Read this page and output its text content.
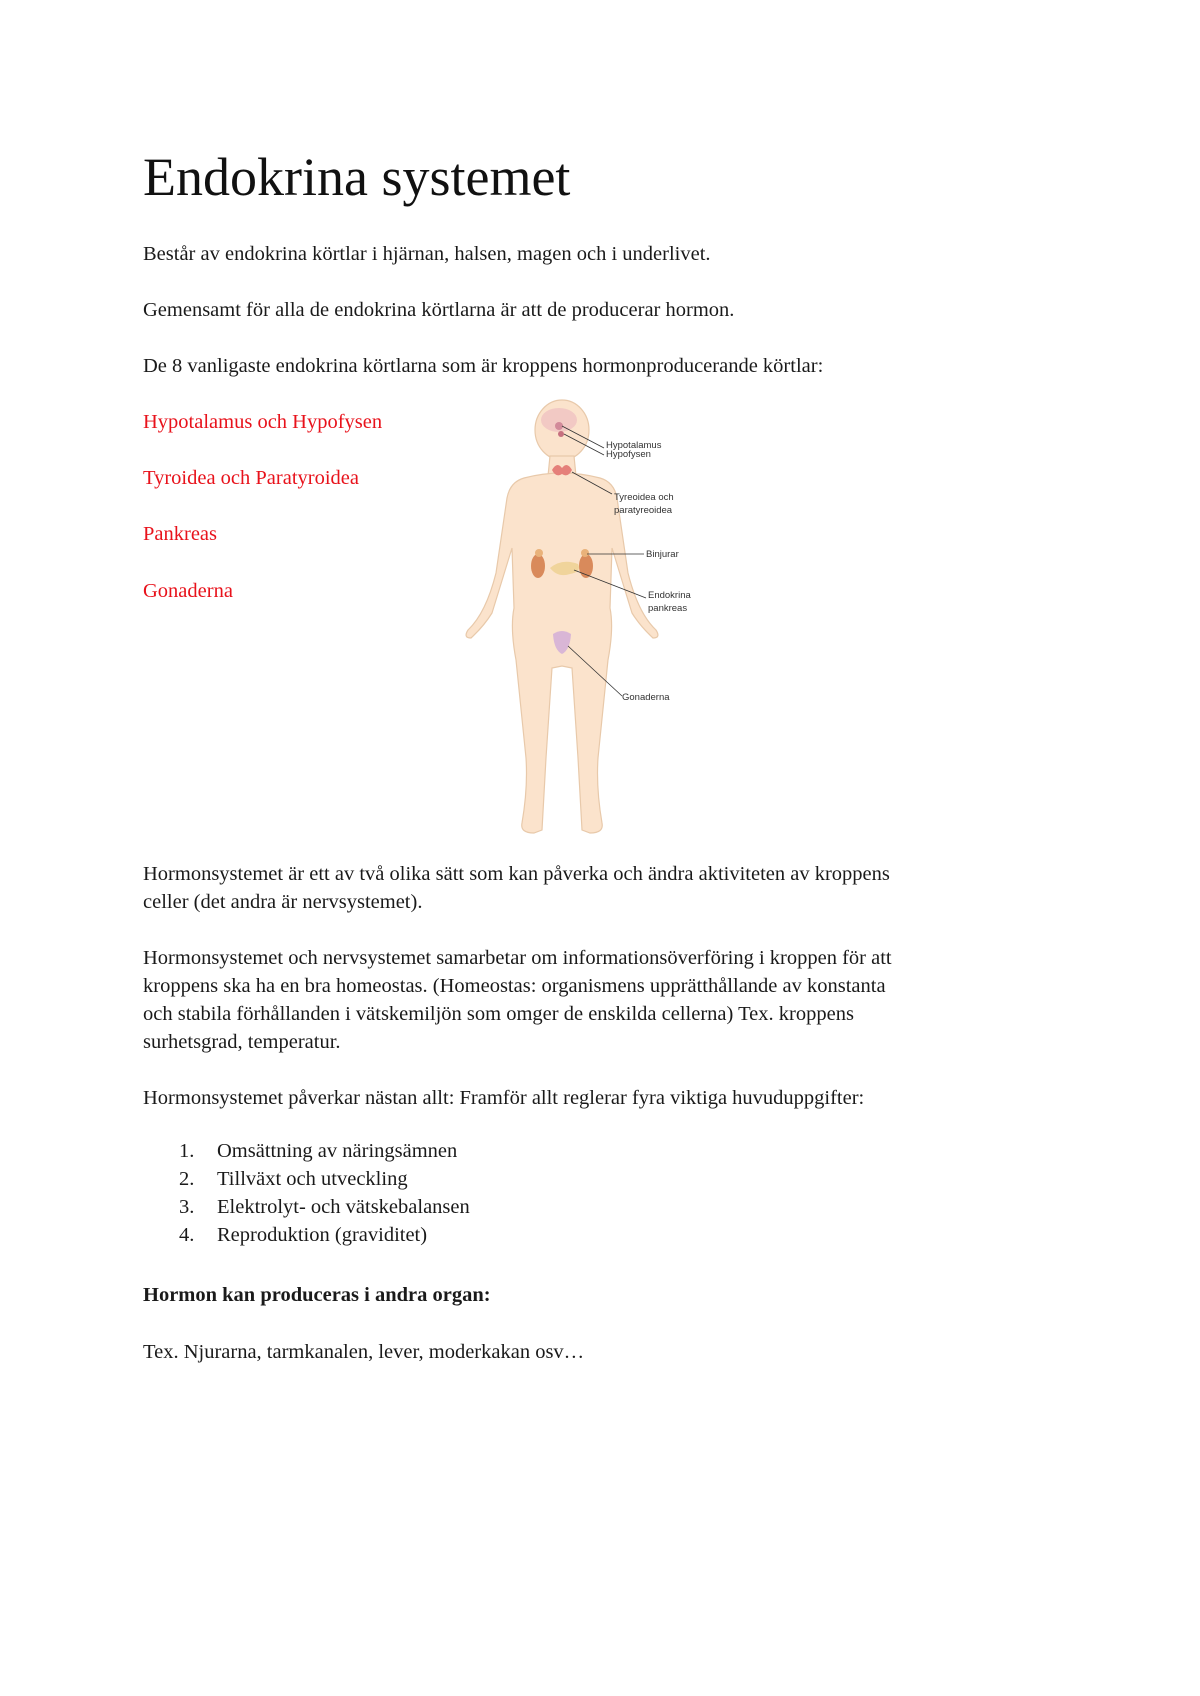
Endokrina systemet

Består av endokrina körtlar i hjärnan, halsen, magen och i underlivet.

Gemensamt för alla de endokrina körtlarna är att de producerar hormon.

De 8 vanligaste endokrina körtlarna som är kroppens hormonproducerande körtlar:

Hypotalamus och Hypofysen

Tyroidea och Paratyroidea

Pankreas

Gonaderna

Hypotalamus
Hypofysen
Tyreoidea och
paratyreoidea
Binjurar
Endokrina
pankreas
Gonaderna

Hormonsystemet är ett av två olika sätt som kan påverka och ändra aktiviteten av kroppens

celler (det andra är nervsystemet).

Hormonsystemet och nervsystemet samarbetar om informationsöverföring i kroppen för att

kroppens ska ha en bra homeostas. (Homeostas: organismens upprätthållande av konstanta

och stabila förhållanden i vätskemiljön som omger de enskilda cellerna) Tex. kroppens

surhetsgrad, temperatur.

Hormonsystemet påverkar nästan allt: Framför allt reglerar fyra viktiga huvuduppgifter:

1. Omsättning av näringsämnen
2. Tillväxt och utveckling
3. Elektrolyt- och vätskebalansen
4. Reproduktion (graviditet)

Hormon kan produceras i andra organ:

Tex. Njurarna, tarmkanalen, lever, moderkakan osv…
